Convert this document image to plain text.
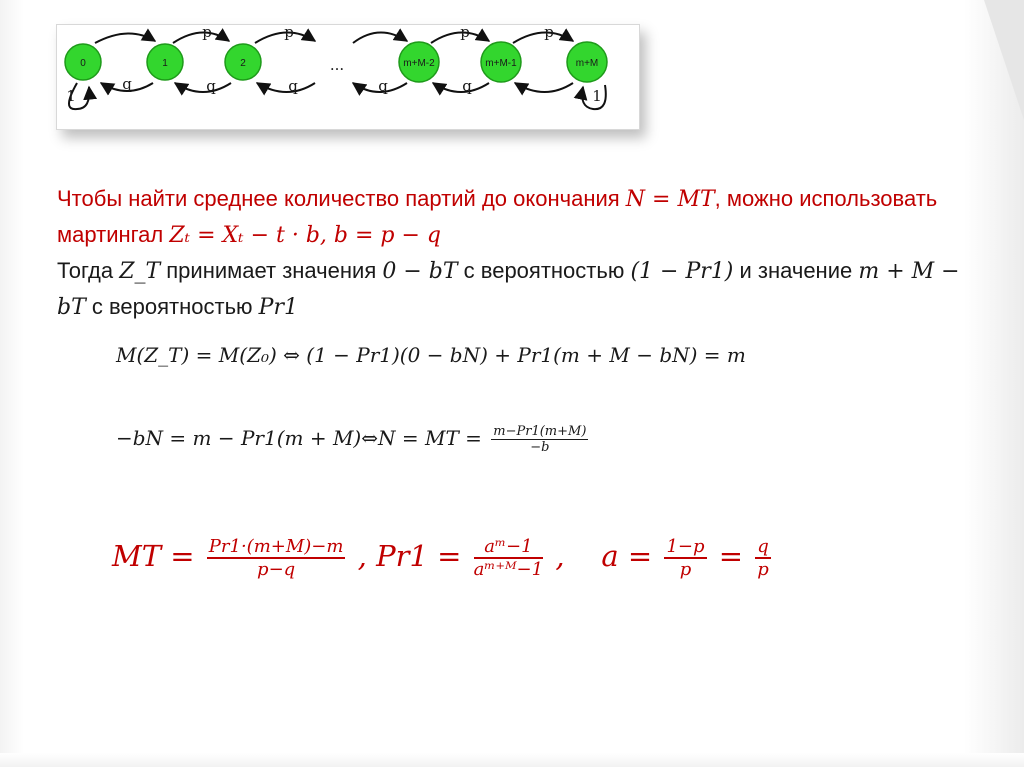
0	1	2	m+M-2	m+M-1	m+M
...
p	p	p	p
q	q	q	q	q
1	1
Чтобы найти среднее количество партий до окончания N = MT, можно использовать мартингал Zₜ = Xₜ − t · b, b = p − q
Тогда Z_T принимает значения 0 − bT с вероятностью (1 − Pr1) и значение m + M − bT с вероятностью Pr1
M(Z_T) = M(Z₀) ⇔ (1 − Pr1)(0 − bN) + Pr1(m + M − bN) = m
−bN = m − Pr1(m + M)⇔N = MT = $\frac{m-Pr1(m+M)}{-b}$
MT = $\frac{Pr1\cdot(m+M)-m}{p-q}$ , $Pr1 = \frac{\text{aᵐ−1}}{\text{aᵐ⁺ᴹ−1}}$ , $a = \frac{1-p}{p} = \frac{q}{p}$
